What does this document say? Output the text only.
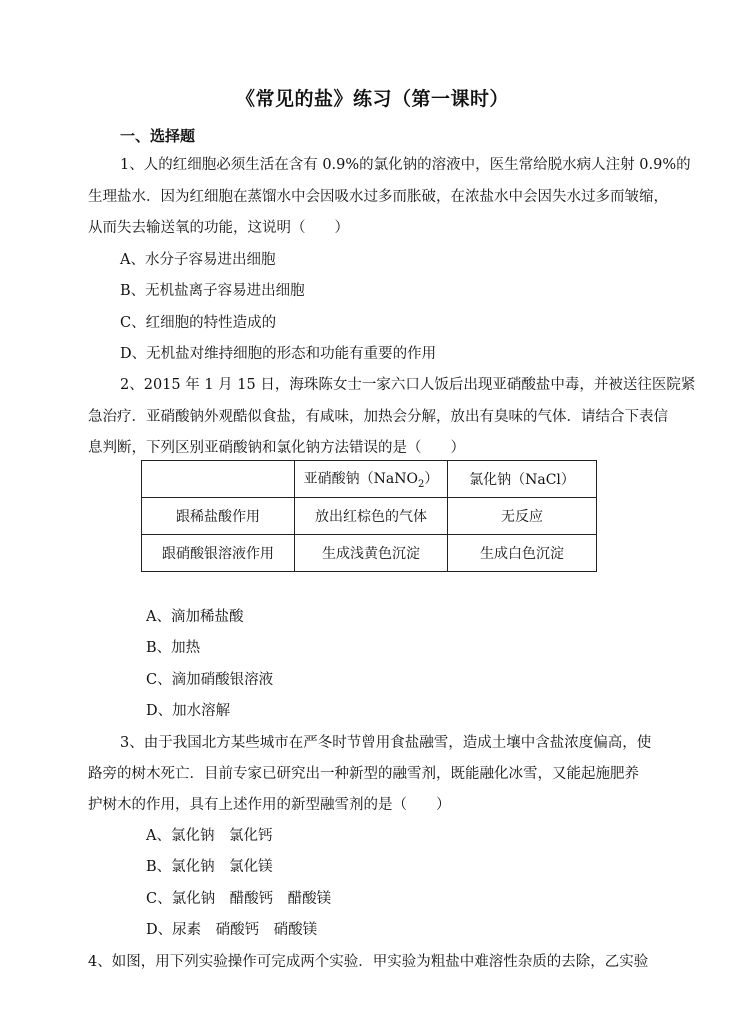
《常见的盐》练习（第一课时）
一、选择题
1、人的红细胞必须生活在含有 0.9%的氯化钠的溶液中，医生常给脱水病人注射 0.9%的
生理盐水．因为红细胞在蒸馏水中会因吸水过多而胀破，在浓盐水中会因失水过多而皱缩，
从而失去输送氧的功能，这说明（　　）
A、水分子容易进出细胞
B、无机盐离子容易进出细胞
C、红细胞的特性造成的
D、无机盐对维持细胞的形态和功能有重要的作用
2、2015 年 1 月 15 日，海珠陈女士一家六口人饭后出现亚硝酸盐中毒，并被送往医院紧
急治疗．亚硝酸钠外观酷似食盐，有咸味，加热会分解，放出有臭味的气体．请结合下表信
息判断，下列区别亚硝酸钠和氯化钠方法错误的是（　　）
	亚硝酸钠（NaNO$_2$）	氯化钠（NaCl）
跟稀盐酸作用	放出红棕色的气体	无反应
跟硝酸银溶液作用	生成浅黄色沉淀	生成白色沉淀
A、滴加稀盐酸
B、加热
C、滴加硝酸银溶液
D、加水溶解
3、由于我国北方某些城市在严冬时节曾用食盐融雪，造成土壤中含盐浓度偏高，使
路旁的树木死亡．目前专家已研究出一种新型的融雪剂，既能融化冰雪，又能起施肥养
护树木的作用，具有上述作用的新型融雪剂的是（　　）
A、氯化钠　氯化钙
B、氯化钠　氯化镁
C、氯化钠　醋酸钙　醋酸镁
D、尿素　硝酸钙　硝酸镁
4、如图，用下列实验操作可完成两个实验．甲实验为粗盐中难溶性杂质的去除，乙实验
